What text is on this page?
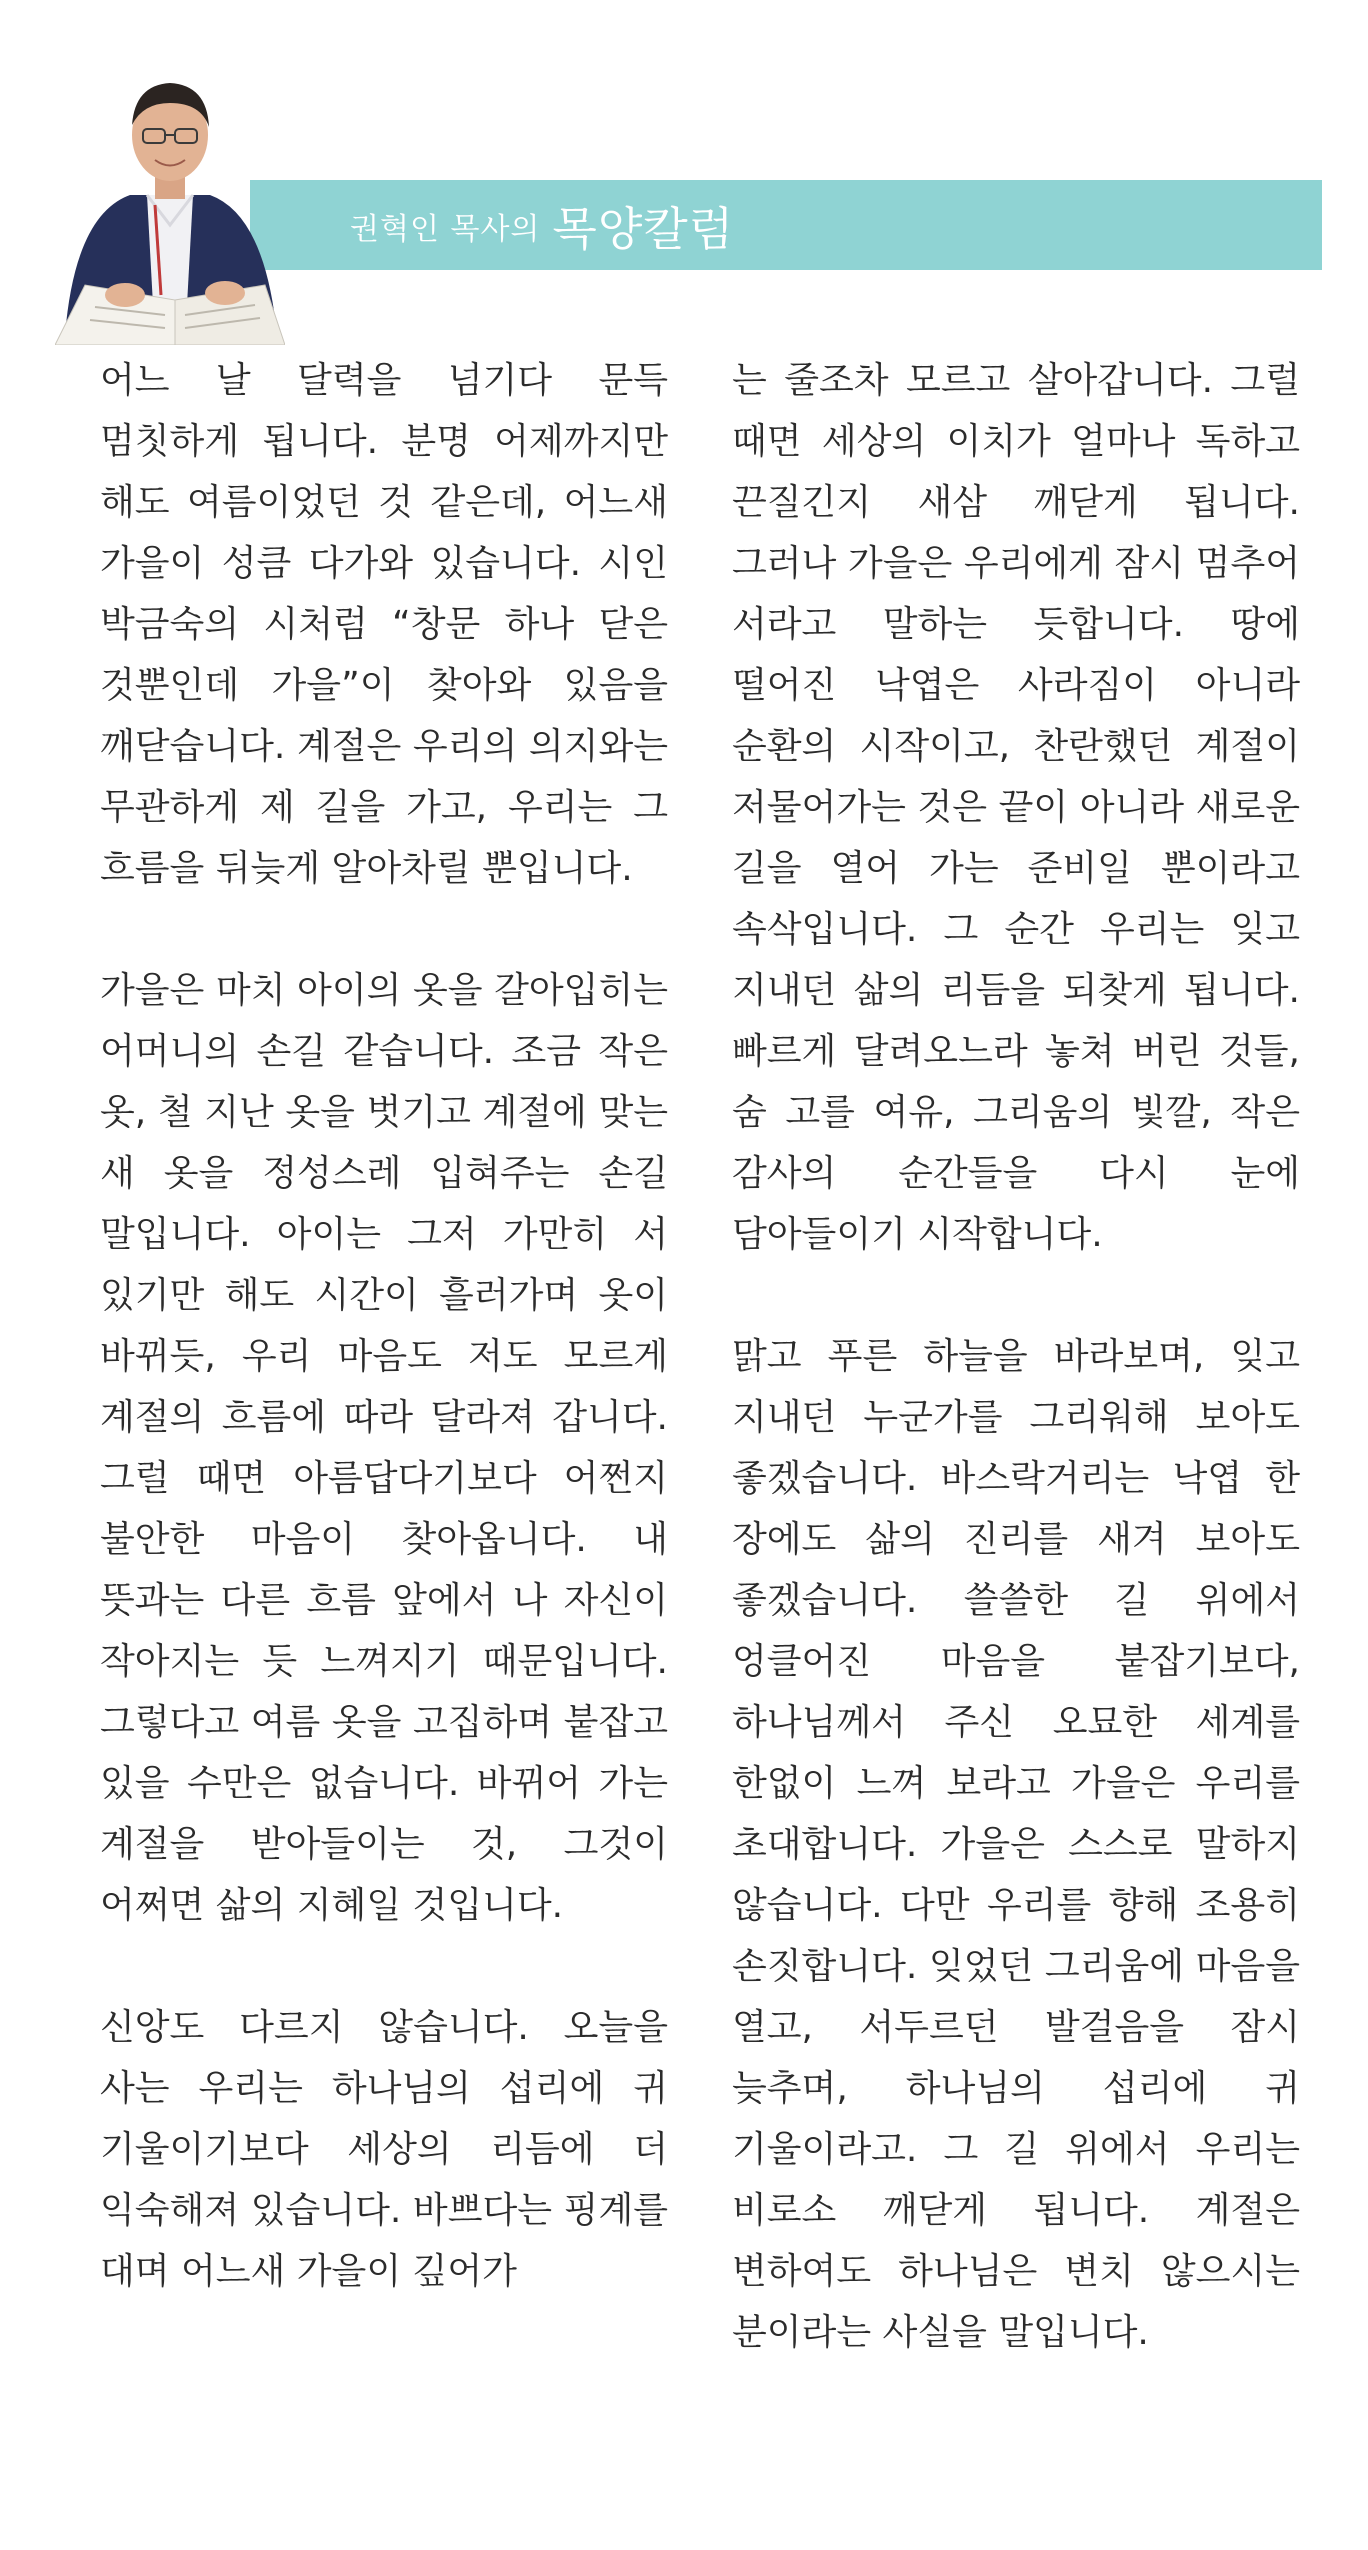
권혁인 목사의 목양칼럼

어느 날 달력을 넘기다 문득 멈칫하게 됩니다. 분명 어제까지만 해도 여름이었던 것 같은데, 어느새 가을이 성큼 다가와 있습니다. 시인 박금숙의 시처럼 “창문 하나 닫은 것뿐인데 가을”이 찾아와 있음을 깨닫습니다. 계절은 우리의 의지와는 무관하게 제 길을 가고, 우리는 그 흐름을 뒤늦게 알아차릴 뿐입니다.

가을은 마치 아이의 옷을 갈아입히는 어머니의 손길 같습니다. 조금 작은 옷, 철 지난 옷을 벗기고 계절에 맞는 새 옷을 정성스레 입혀주는 손길 말입니다. 아이는 그저 가만히 서 있기만 해도 시간이 흘러가며 옷이 바뀌듯, 우리 마음도 저도 모르게 계절의 흐름에 따라 달라져 갑니다. 그럴 때면 아름답다기보다 어쩐지 불안한 마음이 찾아옵니다. 내 뜻과는 다른 흐름 앞에서 나 자신이 작아지는 듯 느껴지기 때문입니다. 그렇다고 여름 옷을 고집하며 붙잡고 있을 수만은 없습니다. 바뀌어 가는 계절을 받아들이는 것, 그것이 어쩌면 삶의 지혜일 것입니다.

신앙도 다르지 않습니다. 오늘을 사는 우리는 하나님의 섭리에 귀 기울이기보다 세상의 리듬에 더 익숙해져 있습니다. 바쁘다는 핑계를 대며 어느새 가을이 깊어가

는 줄조차 모르고 살아갑니다. 그럴 때면 세상의 이치가 얼마나 독하고 끈질긴지 새삼 깨닫게 됩니다. 그러나 가을은 우리에게 잠시 멈추어 서라고 말하는 듯합니다. 땅에 떨어진 낙엽은 사라짐이 아니라 순환의 시작이고, 찬란했던 계절이 저물어가는 것은 끝이 아니라 새로운 길을 열어 가는 준비일 뿐이라고 속삭입니다. 그 순간 우리는 잊고 지내던 삶의 리듬을 되찾게 됩니다. 빠르게 달려오느라 놓쳐 버린 것들, 숨 고를 여유, 그리움의 빛깔, 작은 감사의 순간들을 다시 눈에 담아들이기 시작합니다.

맑고 푸른 하늘을 바라보며, 잊고 지내던 누군가를 그리워해 보아도 좋겠습니다. 바스락거리는 낙엽 한 장에도 삶의 진리를 새겨 보아도 좋겠습니다. 쓸쓸한 길 위에서 엉클어진 마음을 붙잡기보다, 하나님께서 주신 오묘한 세계를 한없이 느껴 보라고 가을은 우리를 초대합니다. 가을은 스스로 말하지 않습니다. 다만 우리를 향해 조용히 손짓합니다. 잊었던 그리움에 마음을 열고, 서두르던 발걸음을 잠시 늦추며, 하나님의 섭리에 귀 기울이라고. 그 길 위에서 우리는 비로소 깨닫게 됩니다. 계절은 변하여도 하나님은 변치 않으시는 분이라는 사실을 말입니다.
